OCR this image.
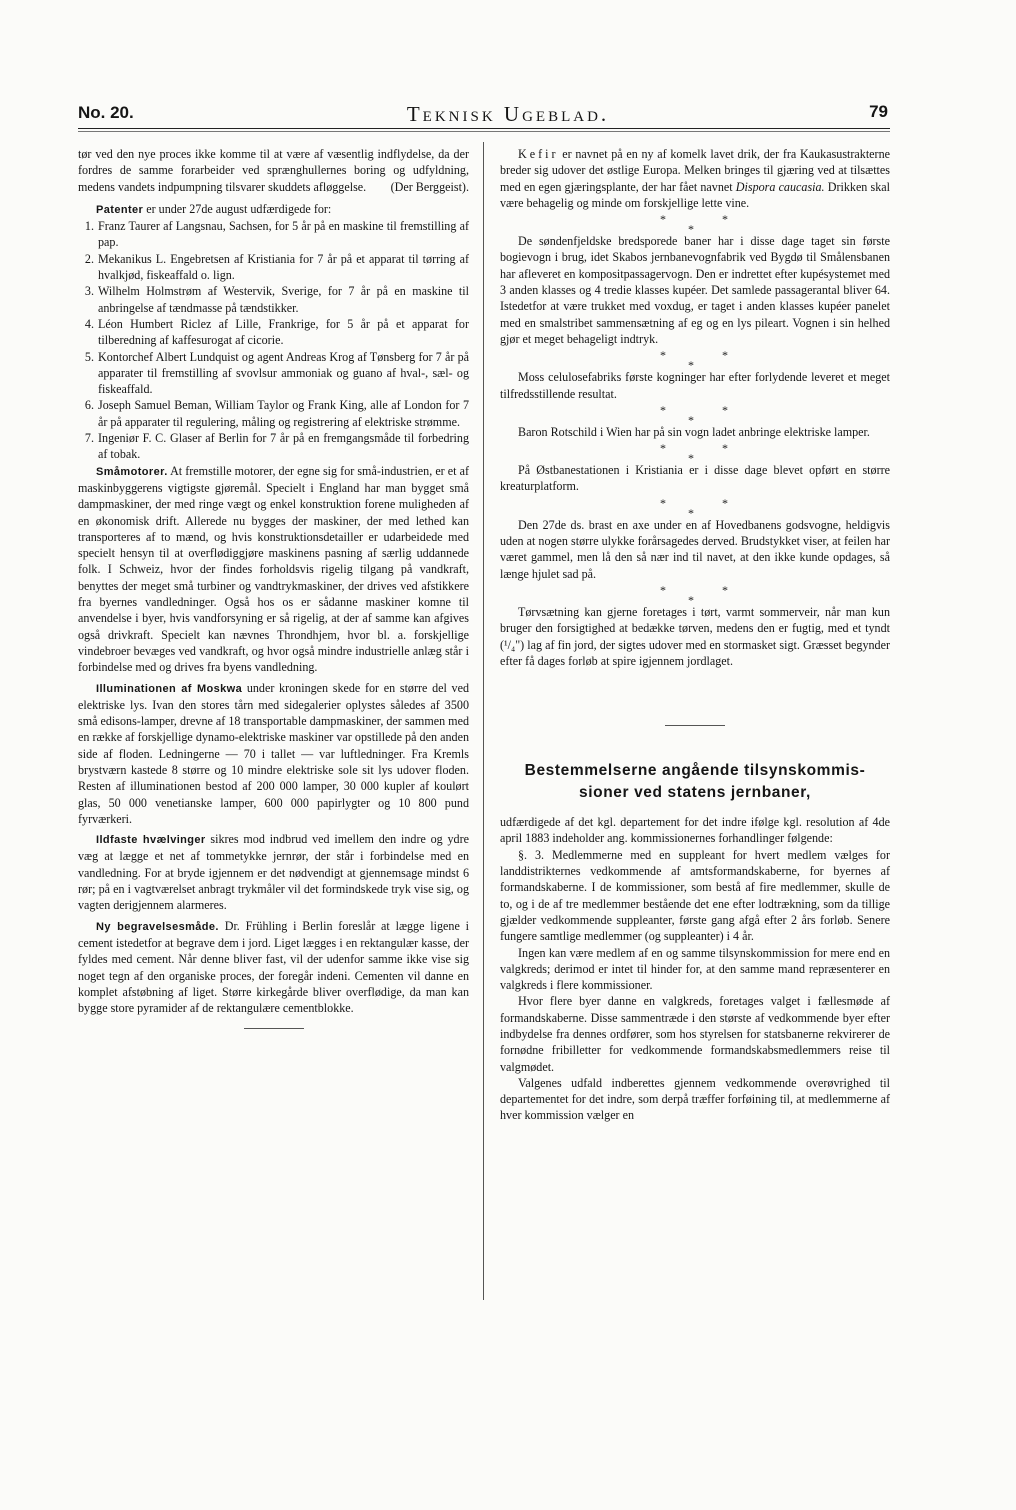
No. 20.	Teknisk Ugeblad.	79

tør ved den nye proces ikke komme til at være af væsentlig indflydelse, da der fordres de samme forarbeider ved sprænghullernes boring og udfyldning, medens vandets indpumpning tilsvarer skuddets afløggelse. (Der Berggeist).

Patenter er under 27de august udfærdigede for:

1. Franz Taurer af Langsnau, Sachsen, for 5 år på en maskine til fremstilling af pap.
2. Mekanikus L. Engebretsen af Kristiania for 7 år på et apparat til tørring af hvalkjød, fiskeaffald o. lign.
3. Wilhelm Holmstrøm af Westervik, Sverige, for 7 år på en maskine til anbringelse af tændmasse på tændstikker.
4. Léon Humbert Riclez af Lille, Frankrige, for 5 år på et apparat for tilberedning af kaffesurogat af cicorie.
5. Kontorchef Albert Lundquist og agent Andreas Krog af Tønsberg for 7 år på apparater til fremstilling af svovlsur ammoniak og guano af hval-, sæl- og fiskeaffald.
6. Joseph Samuel Beman, William Taylor og Frank King, alle af London for 7 år på apparater til regulering, måling og registrering af elektriske strømme.
7. Ingeniør F. C. Glaser af Berlin for 7 år på en fremgangsmåde til forbedring af tobak.

Småmotorer. At fremstille motorer, der egne sig for små-industrien, er et af maskinbyggerens vigtigste gjøremål. Specielt i England har man bygget små dampmaskiner, der med ringe vægt og enkel konstruktion forene muligheden af en økonomisk drift. Allerede nu bygges der maskiner, der med lethed kan transporteres af to mænd, og hvis konstruktionsdetailler er udarbeidede med specielt hensyn til at overflødiggjøre maskinens pasning af særlig uddannede folk. I Schweiz, hvor der findes forholdsvis rigelig tilgang på vandkraft, benyttes der meget små turbiner og vandtrykmaskiner, der drives ved afstikkere fra byernes vandledninger. Også hos os er sådanne maskiner komne til anvendelse i byer, hvis vandforsyning er så rigelig, at der af samme kan afgives også drivkraft. Specielt kan nævnes Throndhjem, hvor bl. a. forskjellige vindebroer bevæges ved vandkraft, og hvor også mindre industrielle anlæg står i forbindelse med og drives fra byens vandledning.

Illuminationen af Moskwa under kroningen skede for en større del ved elektriske lys. Ivan den stores tårn med sidegalerier oplystes således af 3500 små edisons-lamper, drevne af 18 transportable dampmaskiner, der sammen med en række af forskjellige dynamo-elektriske maskiner var opstillede på den anden side af floden. Ledningerne — 70 i tallet — var luftledninger. Fra Kremls brystværn kastede 8 større og 10 mindre elektriske sole sit lys udover floden. Resten af illuminationen bestod af 200 000 lamper, 30 000 kupler af koulørt glas, 50 000 venetianske lamper, 600 000 papirlygter og 10 800 pund fyrværkeri.

Ildfaste hvælvinger sikres mod indbrud ved imellem den indre og ydre væg at lægge et net af tommetykke jernrør, der står i forbindelse med en vandledning. For at bryde igjennem er det nødvendigt at gjennemsage mindst 6 rør; på en i vagtværelset anbragt trykmåler vil det formindskede tryk vise sig, og vagten derigjennem alarmeres.

Ny begravelsesmåde. Dr. Frühling i Berlin foreslår at lægge ligene i cement istedetfor at begrave dem i jord. Liget lægges i en rektangulær kasse, der fyldes med cement. Når denne bliver fast, vil der udenfor samme ikke vise sig noget tegn af den organiske proces, der foregår indeni. Cementen vil danne en komplet afstøbning af liget. Større kirkegårde bliver overflødige, da man kan bygge store pyramider af de rektangulære cementblokke.

Kefir er navnet på en ny af komelk lavet drik, der fra Kaukasustrakterne breder sig udover det østlige Europa. Melken bringes til gjæring ved at tilsættes med en egen gjæringsplante, der har fået navnet Dispora caucasia. Drikken skal være behagelig og minde om forskjellige lette vine.

*
*
*

De søndenfjeldske bredsporede baner har i disse dage taget sin første bogievogn i brug, idet Skabos jernbanevognfabrik ved Bygdø til Smålensbanen har afleveret en kompositpassagervogn. Den er indrettet efter kupésystemet med 3 anden klasses og 4 tredie klasses kupéer. Det samlede passagerantal bliver 64. Istedetfor at være trukket med voxdug, er taget i anden klasses kupéer panelet med en smalstribet sammensætning af eg og en lys pileart. Vognen i sin helhed gjør et meget behageligt indtryk.

*
*
*

Moss celulosefabriks første kogninger har efter forlydende leveret et meget tilfredsstillende resultat.

*
*
*

Baron Rotschild i Wien har på sin vogn ladet anbringe elektriske lamper.

*
*
*

På Østbanestationen i Kristiania er i disse dage blevet opført en større kreaturplatform.

*
*
*

Den 27de ds. brast en axe under en af Hovedbanens godsvogne, heldigvis uden at nogen større ulykke forårsagedes derved. Brudstykket viser, at feilen har været gammel, men lå den så nær ind til navet, at den ikke kunde opdages, så længe hjulet sad på.

*
*
*

Tørvsætning kan gjerne foretages i tørt, varmt sommerveir, når man kun bruger den forsigtighed at bedække tørven, medens den er fugtig, med et tyndt (¹/₄") lag af fin jord, der sigtes udover med en stormasket sigt. Græsset begynder efter få dages forløb at spire igjennem jordlaget.

Bestemmelserne angående tilsynskommis-
sioner ved statens jernbaner,

udfærdigede af det kgl. departement for det indre ifølge kgl. resolution af 4de april 1883 indeholder ang. kommissionernes forhandlinger følgende:

§. 3. Medlemmerne med en suppleant for hvert medlem vælges for landdistrikternes vedkommende af amtsformandskaberne, for byernes af formandskaberne. I de kommissioner, som bestå af fire medlemmer, skulle de to, og i de af tre medlemmer bestående det ene efter lodtrækning, som da tillige gjælder vedkommende suppleanter, første gang afgå efter 2 års forløb. Senere fungere samtlige medlemmer (og suppleanter) i 4 år.

Ingen kan være medlem af en og samme tilsynskommission for mere end en valgkreds; derimod er intet til hinder for, at den samme mand repræsenterer en valgkreds i flere kommissioner.

Hvor flere byer danne en valgkreds, foretages valget i fællesmøde af formandskaberne. Disse sammentræde i den største af vedkommende byer efter indbydelse fra dennes ordfører, som hos styrelsen for statsbanerne rekvirerer de fornødne fribilletter for vedkommende formandskabsmedlemmers reise til valgmødet.

Valgenes udfald indberettes gjennem vedkommende overøvrighed til departementet for det indre, som derpå træffer forføining til, at medlemmerne af hver kommission vælger en
